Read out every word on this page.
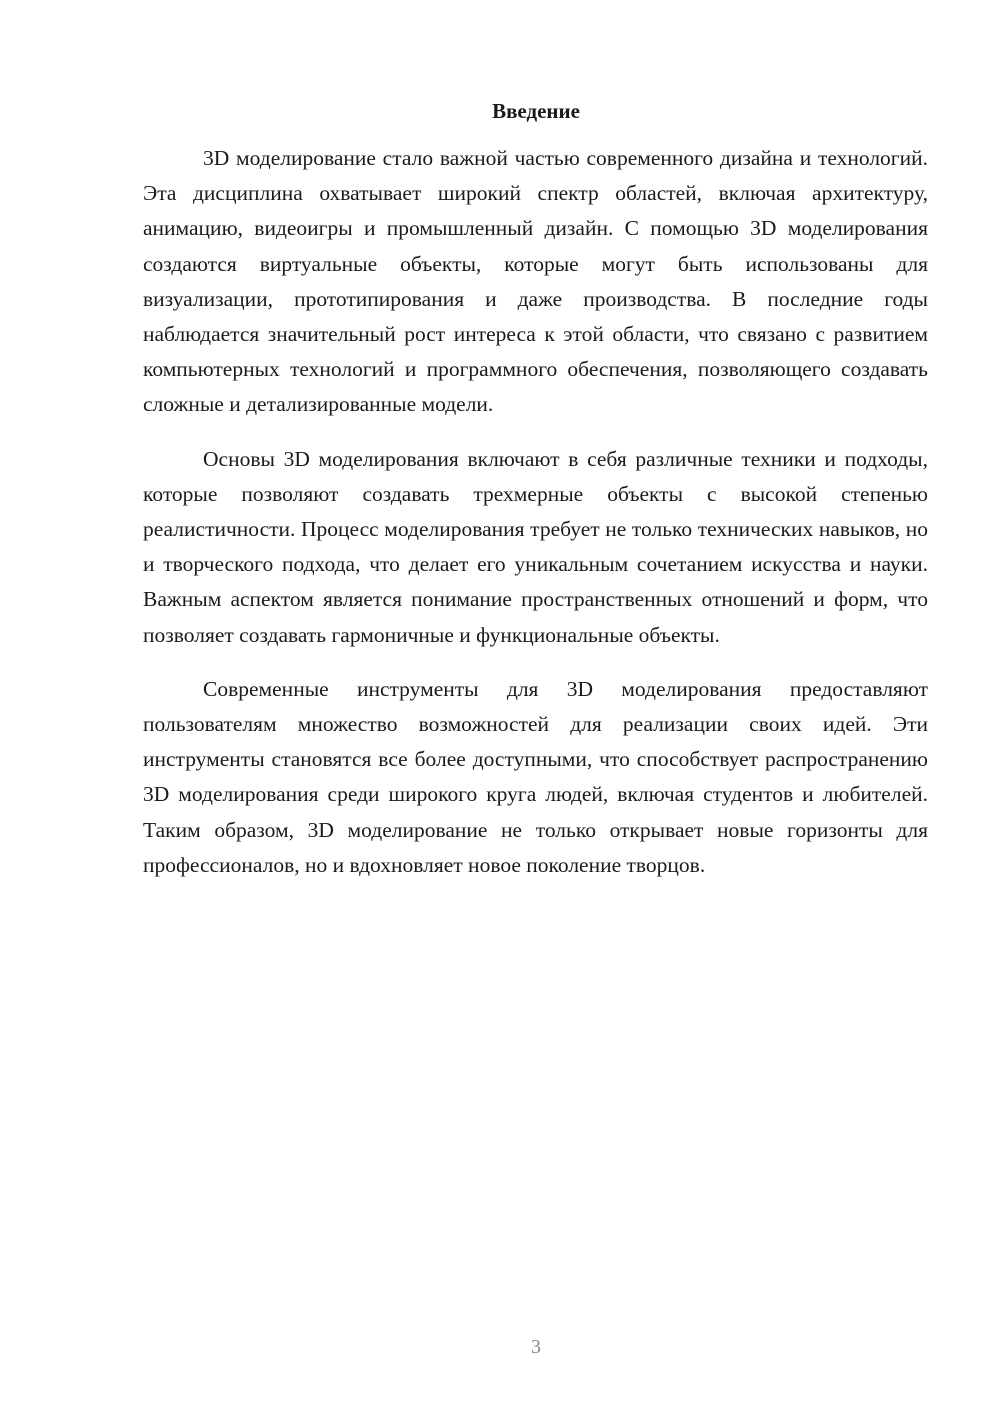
Введение

3D моделирование стало важной частью современного дизайна и технологий. Эта дисциплина охватывает широкий спектр областей, включая архитектуру, анимацию, видеоигры и промышленный дизайн. С помощью 3D моделирования создаются виртуальные объекты, которые могут быть использованы для визуализации, прототипирования и даже производства. В последние годы наблюдается значительный рост интереса к этой области, что связано с развитием компьютерных технологий и программного обеспечения, позволяющего создавать сложные и детализированные модели.

Основы 3D моделирования включают в себя различные техники и подходы, которые позволяют создавать трехмерные объекты с высокой степенью реалистичности. Процесс моделирования требует не только технических навыков, но и творческого подхода, что делает его уникальным сочетанием искусства и науки. Важным аспектом является понимание пространственных отношений и форм, что позволяет создавать гармоничные и функциональные объекты.

Современные инструменты для 3D моделирования предоставляют пользователям множество возможностей для реализации своих идей. Эти инструменты становятся все более доступными, что способствует распространению 3D моделирования среди широкого круга людей, включая студентов и любителей. Таким образом, 3D моделирование не только открывает новые горизонты для профессионалов, но и вдохновляет новое поколение творцов.

3
